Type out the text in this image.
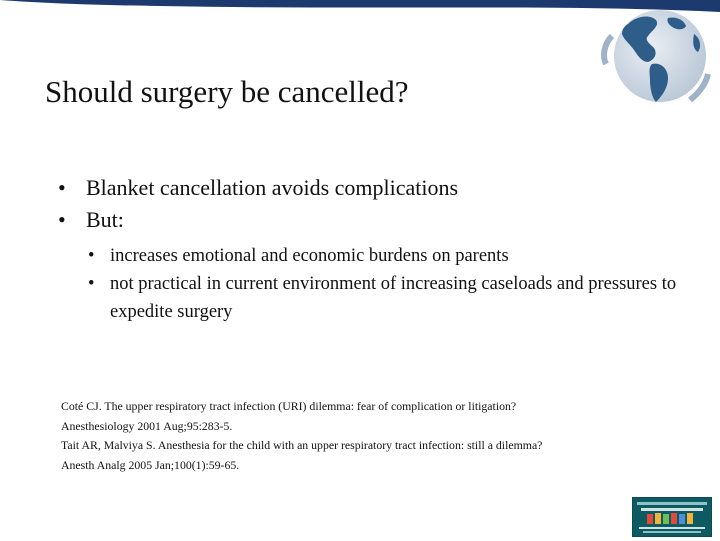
Should surgery be cancelled?

• Blanket cancellation avoids complications

• But:

• increases emotional and economic burdens on parents

• not practical in current environment of increasing caseloads and pressures to expedite surgery

Coté CJ. The upper respiratory tract infection (URI) dilemma: fear of complication or litigation?

Anesthesiology 2001 Aug;95:283-5.

Tait AR, Malviya S. Anesthesia for the child with an upper respiratory tract infection: still a dilemma?

Anesth Analg 2005 Jan;100(1):59-65.
